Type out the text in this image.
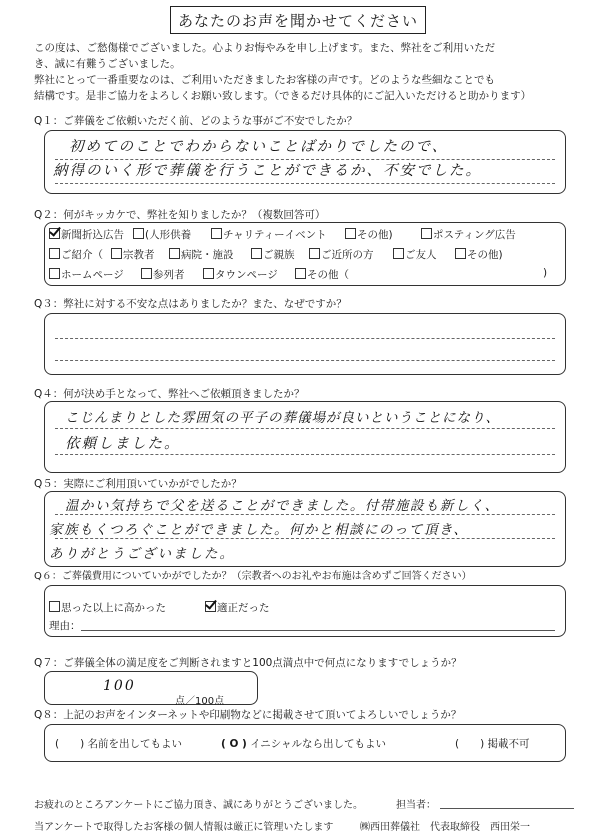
あなたのお声を聞かせてください
この度は、ご愁傷様でございました。心よりお悔やみを申し上げます。また、弊社をご利用いただ
き、誠に有難うございました。
弊社にとって一番重要なのは、ご利用いただきましたお客様の声です。どのような些細なことでも
結構です。是非ご協力をよろしくお願い致します。（できるだけ具体的にご記入いただけると助かります）
Q１：ご葬儀をご依頼いただく前、どのような事がご不安でしたか？
初めてのことでわからないことばかりでしたので、
納得のいく形で葬儀を行うことができるか、不安でした。
Q２：何がキッカケで、弊社を知りましたか？（複数回答可）
新聞折込広告	(人形供養	チャリティーイベント	その他)	ポスティング広告
ご紹介（	宗教者	病院・施設	ご親族	ご近所の方	ご友人	その他)
ホームページ	参列者	タウンページ	その他（	)
Q３：弊社に対する不安な点はありましたか？また、なぜですか？
Q４：何が決め手となって、弊社へご依頼頂きましたか？
こじんまりとした雰囲気の平子の葬儀場が良いということになり、
依頼しました。
Q５：実際にご利用頂いていかがでしたか？
温かい気持ちで父を送ることができました。付帯施設も新しく、
家族もくつろぐことができました。何かと相談にのって頂き、
ありがとうございました。
Q６：ご葬儀費用についていかがでしたか？（宗教者へのお礼やお布施は含めずご回答ください）
思った以上に高かった	適正だった
理由：
Q７：ご葬儀全体の満足度をご判断されますと100点満点中で何点になりますでしょうか？
100
点／100点
Q８：上記のお声をインターネットや印刷物などに掲載させて頂いてよろしいでしょうか？
(　　) 名前を出してもよい	( O ) イニシャルなら出してもよい	(　　) 掲載不可
お疲れのところアンケートにご協力頂き、誠にありがとうございました。	担当者：
当アンケートで取得したお客様の個人情報は厳正に管理いたします	㈱西田葬儀社　代表取締役　西田栄一
